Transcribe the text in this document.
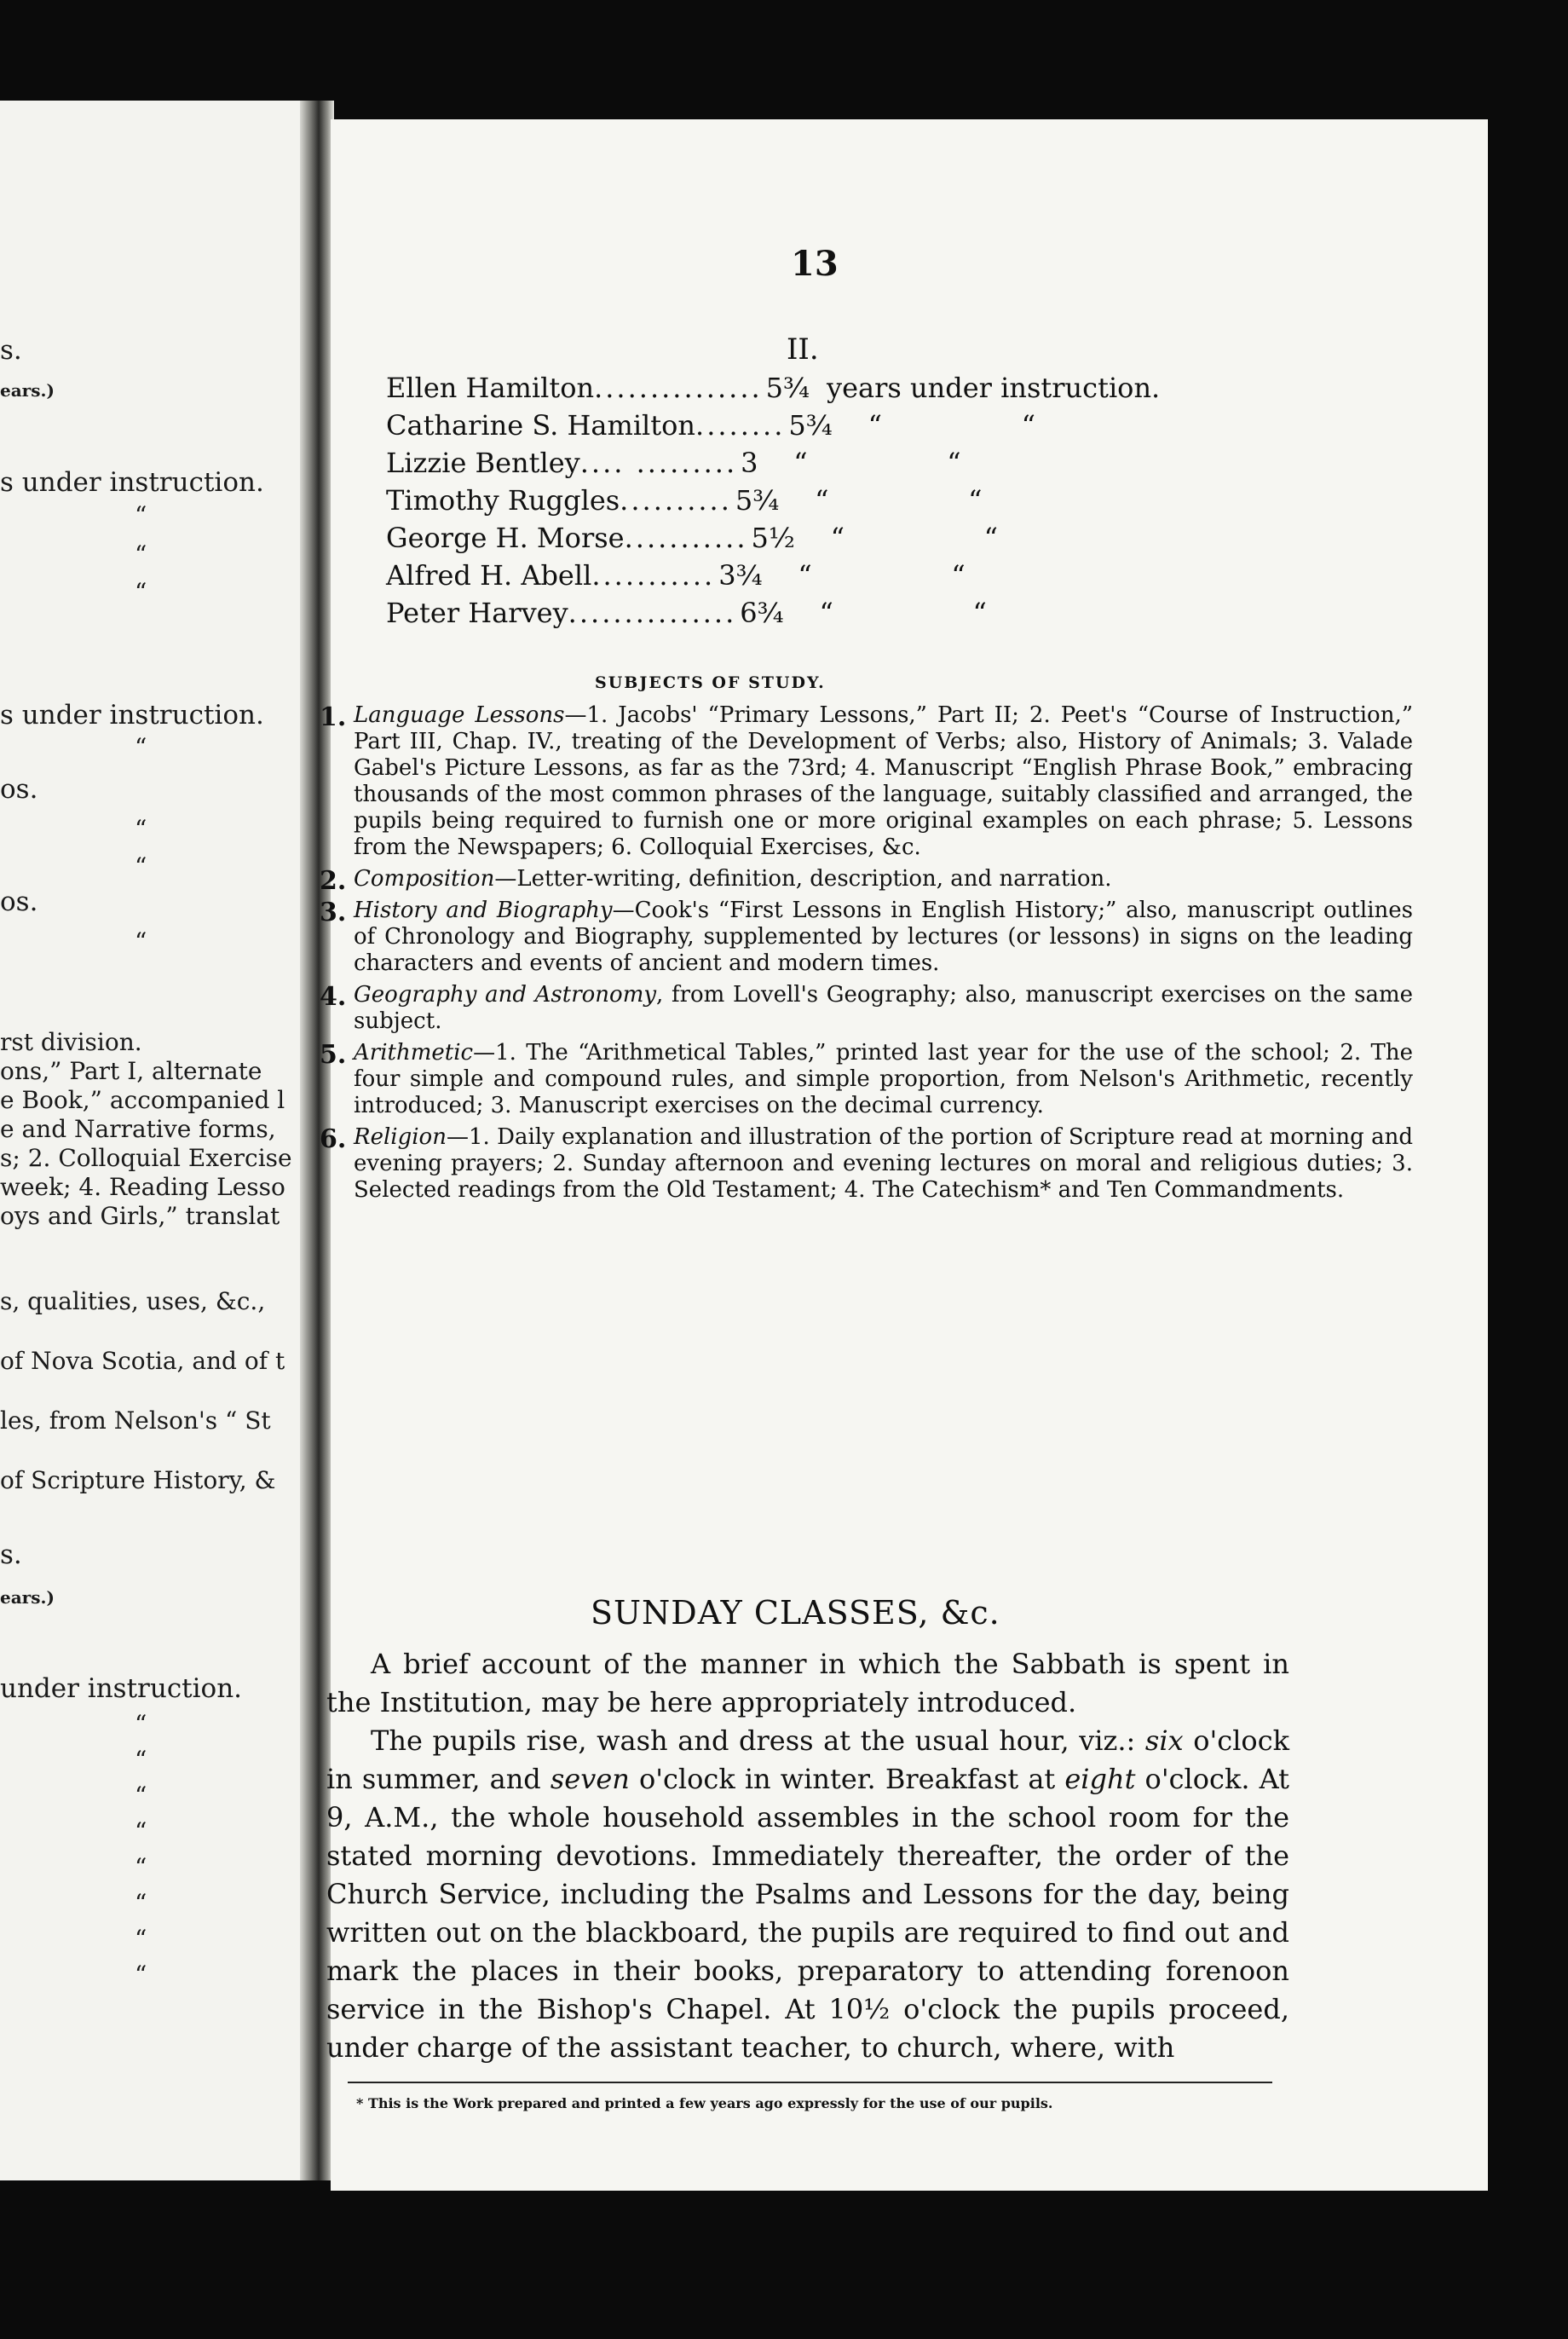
s.
ears.)
s under instruction.
“
“
“
s under instruction.
“
os.
“
“
os.
“
rst division.
ons,” Part I, alternate
e Book,” accompanied l
e and Narrative forms,
s; 2. Colloquial Exercise
week; 4. Reading Lesso
oys and Girls,” translat
s, qualities, uses, &c.,
of Nova Scotia, and of t
les, from Nelson's “ St
of Scripture History, &
s.
ears.)
under instruction.
“
“
“
“
“
“
“
“
13
II.
Ellen Hamilton ............... 5¾ years under instruction.
Catharine S. Hamilton ........ 5¾	“	“
Lizzie Bentley .... ......... 3	“	“
Timothy Ruggles .......... 5¾	“	“
George H. Morse ........... 5½	“	“
Alfred H. Abell ........... 3¾	“	“
Peter Harvey ............... 6¾	“	“
SUBJECTS OF STUDY.
1. Language Lessons—1. Jacobs' “Primary Lessons,” Part II; 2. Peet's “Course of Instruction,” Part III, Chap. IV., treating of the Development of Verbs; also, History of Animals; 3. Valade Gabel's Picture Lessons, as far as the 73rd; 4. Manuscript “English Phrase Book,” embracing thousands of the most common phrases of the language, suitably classified and arranged, the pupils being required to furnish one or more original examples on each phrase; 5. Lessons from the Newspapers; 6. Colloquial Exercises, &c.

2. Composition—Letter-writing, definition, description, and narration.

3. History and Biography—Cook's “First Lessons in English History;” also, manuscript outlines of Chronology and Biography, supplemented by lectures (or lessons) in signs on the leading characters and events of ancient and modern times.

4. Geography and Astronomy, from Lovell's Geography; also, manuscript exercises on the same subject.

5. Arithmetic—1. The “Arithmetical Tables,” printed last year for the use of the school; 2. The four simple and compound rules, and simple proportion, from Nelson's Arithmetic, recently introduced; 3. Manuscript exercises on the decimal currency.

6. Religion—1. Daily explanation and illustration of the portion of Scripture read at morning and evening prayers; 2. Sunday afternoon and evening lectures on moral and religious duties; 3. Selected readings from the Old Testament; 4. The Catechism* and Ten Commandments.

SUNDAY CLASSES, &c.

A brief account of the manner in which the Sabbath is spent in the Institution, may be here appropriately introduced.

The pupils rise, wash and dress at the usual hour, viz.: six o'clock in summer, and seven o'clock in winter. Breakfast at eight o'clock. At 9, A.M., the whole household assembles in the school room for the stated morning devotions. Immediately thereafter, the order of the Church Service, including the Psalms and Lessons for the day, being written out on the blackboard, the pupils are required to find out and mark the places in their books, preparatory to attending forenoon service in the Bishop's Chapel. At 10½ o'clock the pupils proceed, under charge of the assistant teacher, to church, where, with

* This is the Work prepared and printed a few years ago expressly for the use of our pupils.
